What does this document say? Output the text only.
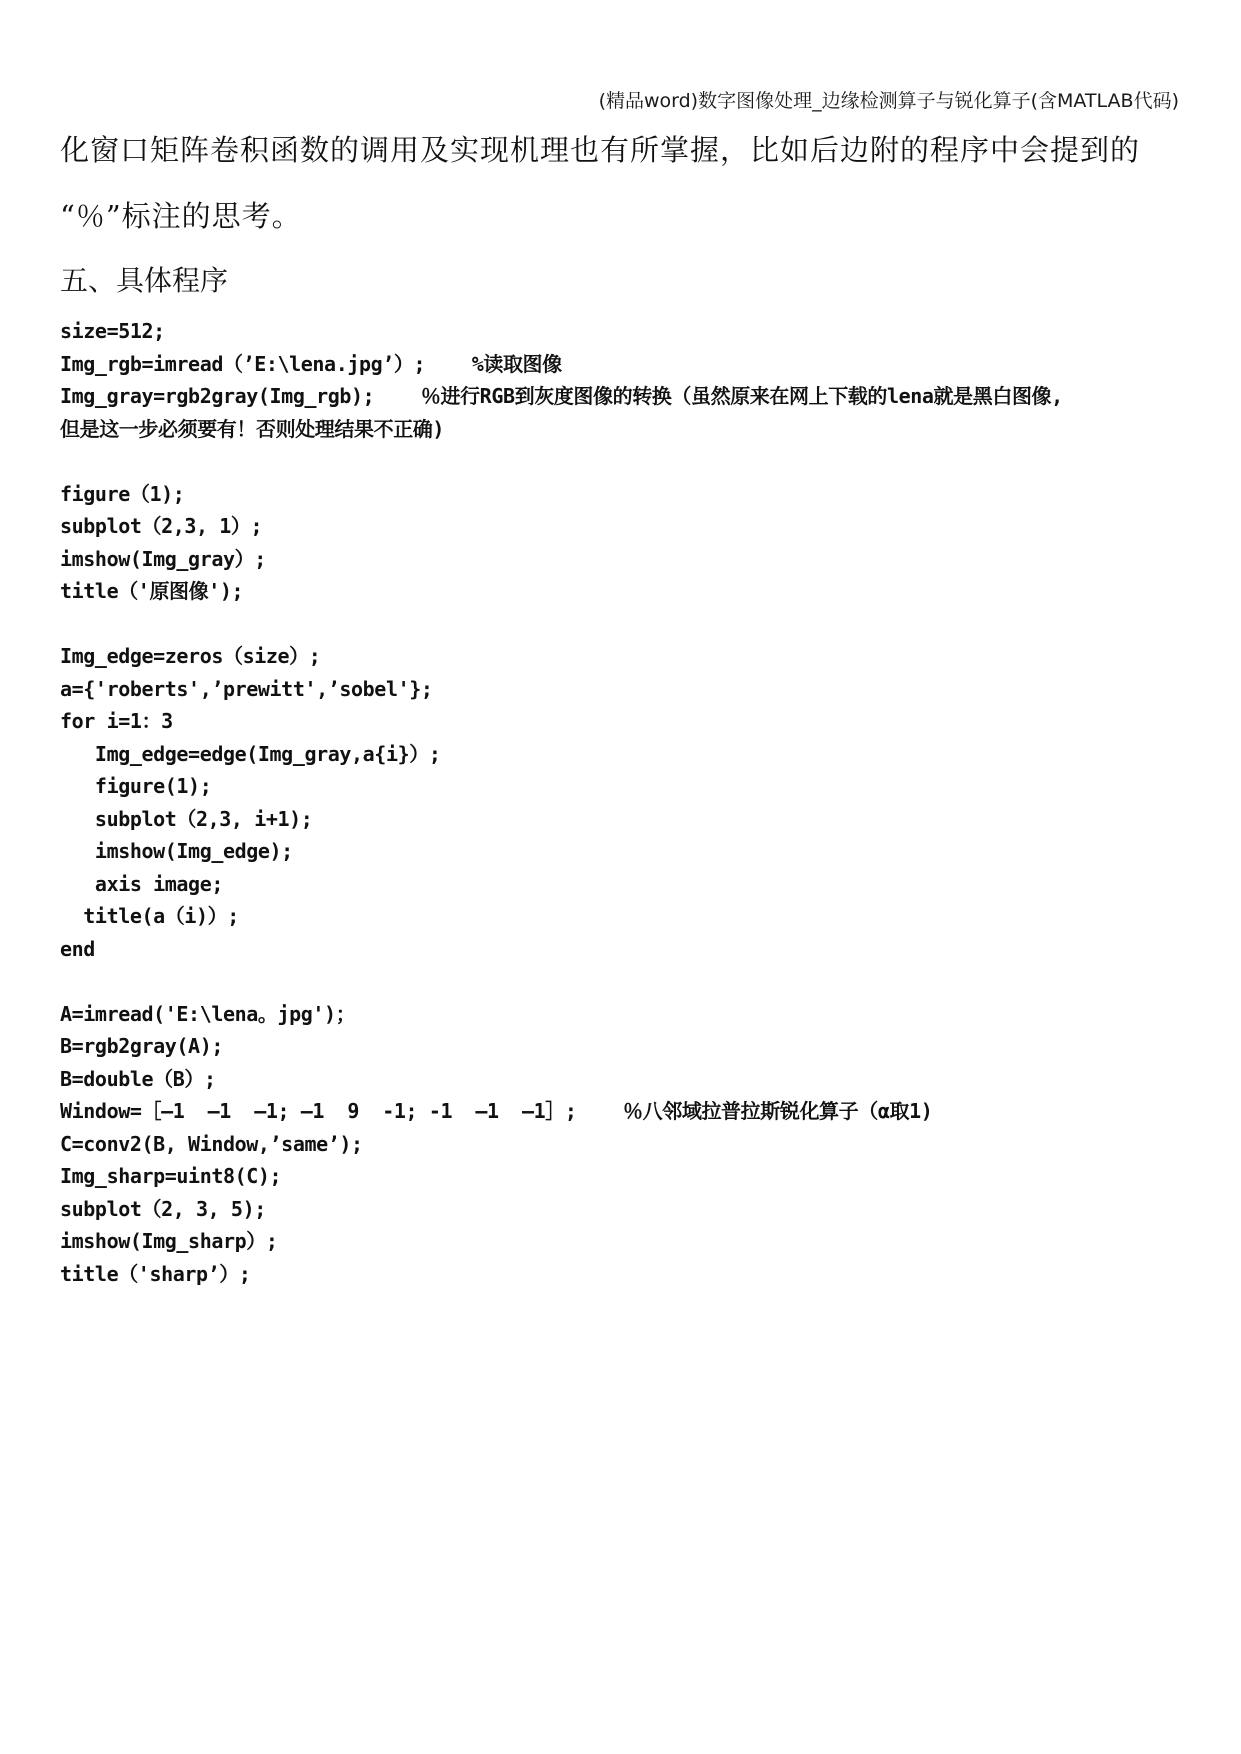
(精品word)数字图像处理_边缘检测算子与锐化算子(含MATLAB代码)
化窗口矩阵卷积函数的调用及实现机理也有所掌握，比如后边附的程序中会提到的
“％”标注的思考。
五、具体程序
size=512;
Img_rgb=imread（’E:\lena.jpg’）;    %读取图像
Img_gray=rgb2gray(Img_rgb);    ％进行RGB到灰度图像的转换（虽然原来在网上下载的lena就是黑白图像,
但是这一步必须要有！否则处理结果不正确)
figure（1);
subplot（2,3, 1）;
imshow(Img_gray）;
title（'原图像');
Img_edge=zeros（size）;
a={'roberts',’prewitt',’sobel'};
for i=1：3
Img_edge=edge(Img_gray,a{i}）;
figure(1);
subplot（2,3, i+1);
imshow(Img_edge);
axis image;
title(a（i)）;
end
A=imread('E:\lena。jpg')；
B=rgb2gray(A);
B=double（B）;
Window=［—1  —1  —1; —1  9  -1; -1  —1  —1］;    ％八邻域拉普拉斯锐化算子（α取1)
C=conv2(B, Window,’same’);
Img_sharp=uint8(C);
subplot（2, 3, 5);
imshow(Img_sharp）;
title（'sharp’）;
